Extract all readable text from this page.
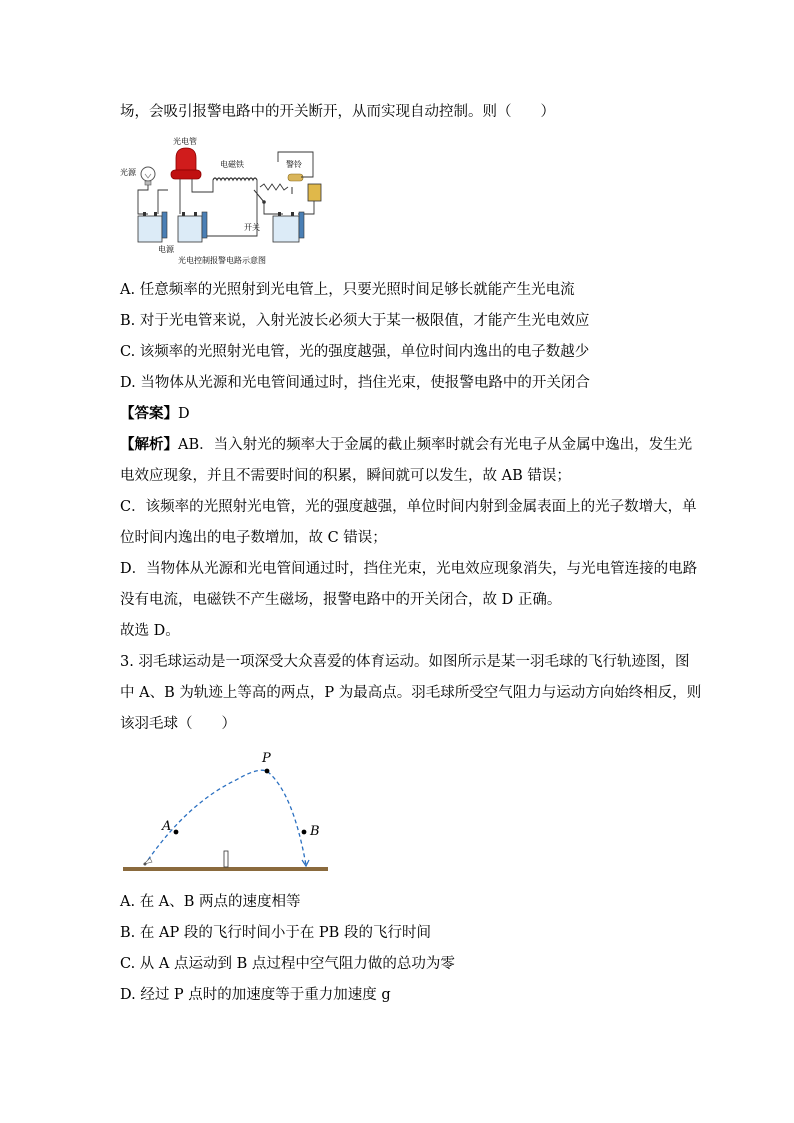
场，会吸引报警电路中的开关断开，从而实现自动控制。则（　　）
光源
光电管
电磁铁	警铃
电源
开关
光电控制报警电路示意图
A. 任意频率的光照射到光电管上，只要光照时间足够长就能产生光电流
B. 对于光电管来说，入射光波长必须大于某一极限值，才能产生光电效应
C. 该频率的光照射光电管，光的强度越强，单位时间内逸出的电子数越少
D. 当物体从光源和光电管间通过时，挡住光束，使报警电路中的开关闭合
【答案】D
【解析】AB．当入射光的频率大于金属的截止频率时就会有光电子从金属中逸出，发生光
电效应现象，并且不需要时间的积累，瞬间就可以发生，故 AB 错误；
C．该频率的光照射光电管，光的强度越强，单位时间内射到金属表面上的光子数增大，单
位时间内逸出的电子数增加，故 C 错误；
D．当物体从光源和光电管间通过时，挡住光束，光电效应现象消失，与光电管连接的电路
没有电流，电磁铁不产生磁场，报警电路中的开关闭合，故 D 正确。
故选 D。
3. 羽毛球运动是一项深受大众喜爱的体育运动。如图所示是某一羽毛球的飞行轨迹图，图
中 A、B 为轨迹上等高的两点，P 为最高点。羽毛球所受空气阻力与运动方向始终相反，则
该羽毛球（　　）
A
P
B
A. 在 A、B 两点的速度相等
B. 在 AP 段的飞行时间小于在 PB 段的飞行时间
C. 从 A 点运动到 B 点过程中空气阻力做的总功为零
D. 经过 P 点时的加速度等于重力加速度 g
